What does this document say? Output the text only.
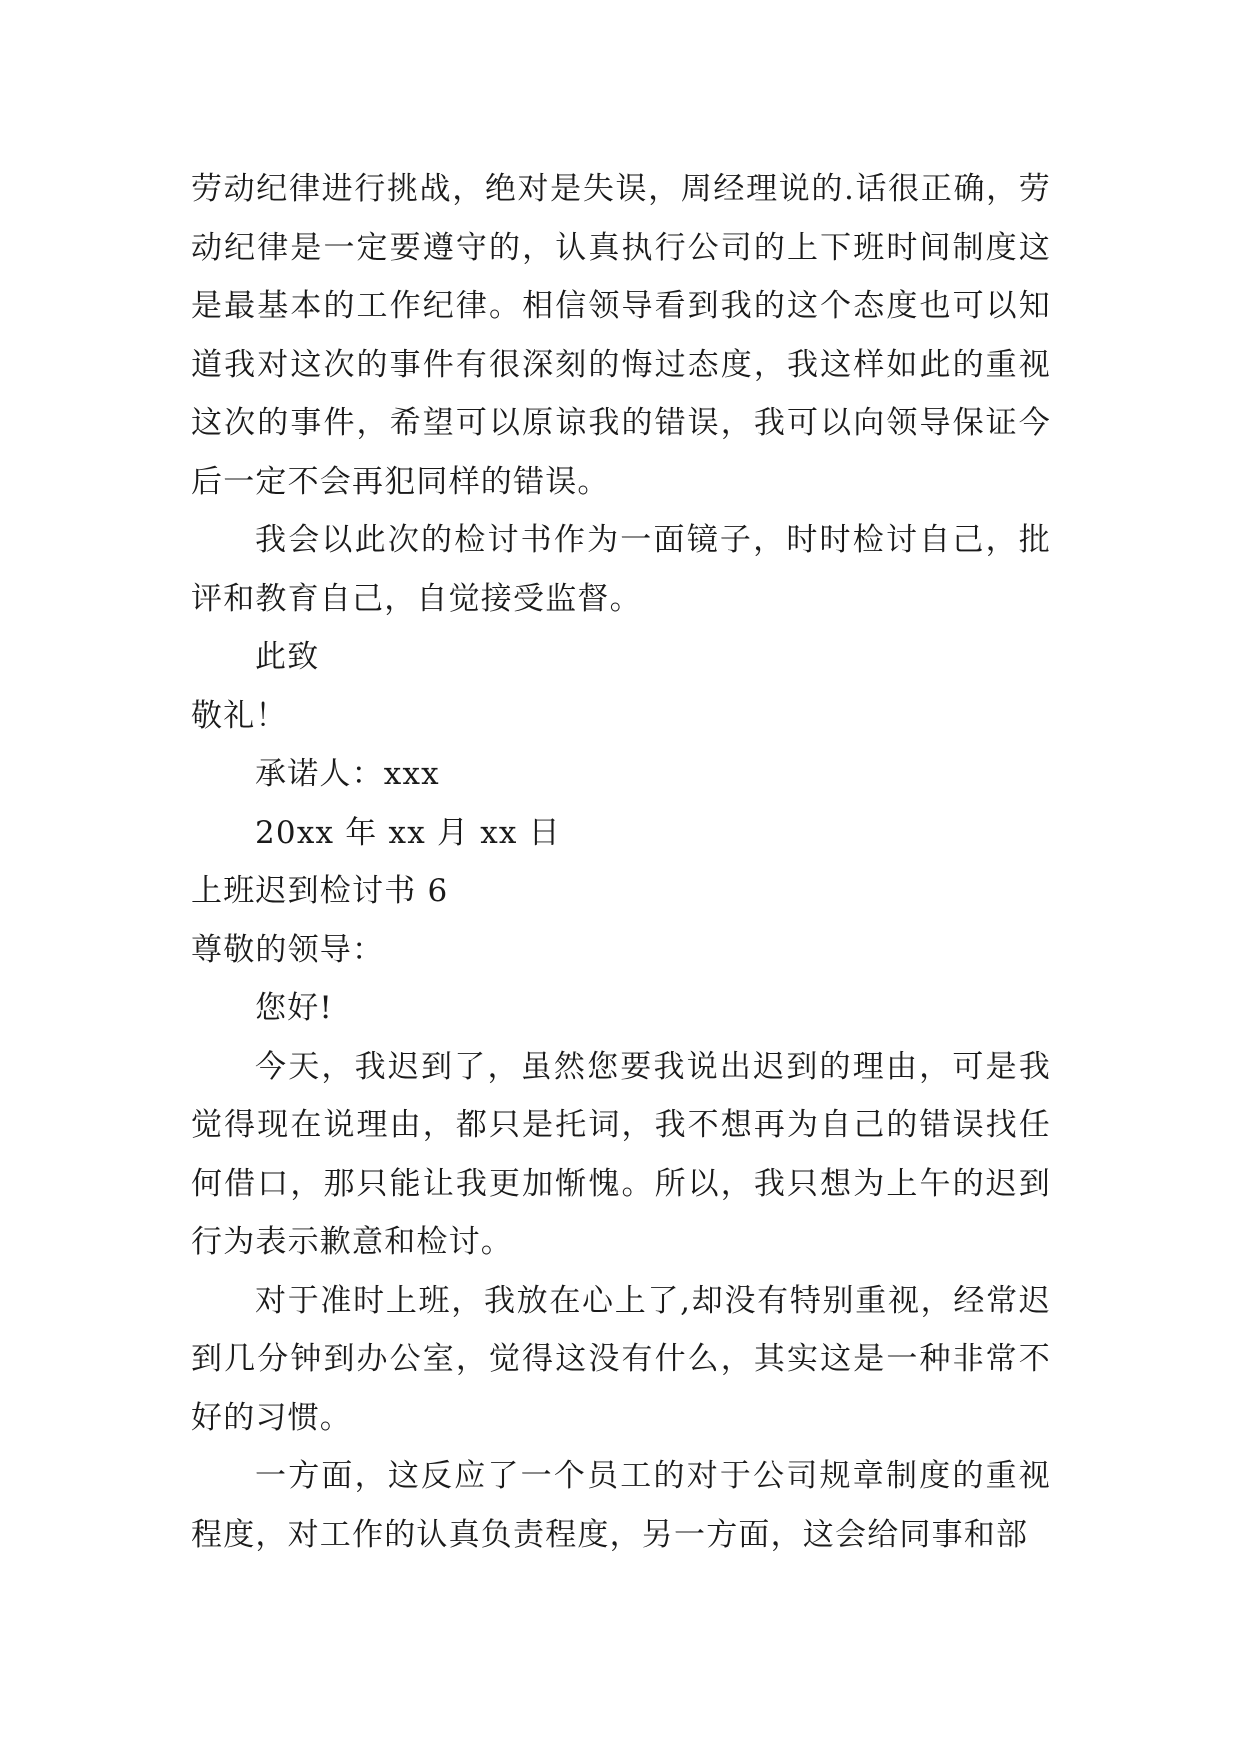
劳动纪律进行挑战，绝对是失误，周经理说的.话很正确，劳动纪律是一定要遵守的，认真执行公司的上下班时间制度这是最基本的工作纪律。相信领导看到我的这个态度也可以知道我对这次的事件有很深刻的悔过态度，我这样如此的重视这次的事件，希望可以原谅我的错误，我可以向领导保证今后一定不会再犯同样的错误。

我会以此次的检讨书作为一面镜子，时时检讨自己，批评和教育自己，自觉接受监督。

此致

敬礼！

承诺人：xxx

20xx 年 xx 月 xx 日

上班迟到检讨书 6

尊敬的领导：

您好!

今天，我迟到了，虽然您要我说出迟到的理由，可是我觉得现在说理由，都只是托词，我不想再为自己的错误找任何借口，那只能让我更加惭愧。所以，我只想为上午的迟到行为表示歉意和检讨。

对于准时上班，我放在心上了,却没有特别重视，经常迟到几分钟到办公室，觉得这没有什么，其实这是一种非常不好的习惯。

一方面，这反应了一个员工的对于公司规章制度的重视程度，对工作的认真负责程度，另一方面，这会给同事和部
